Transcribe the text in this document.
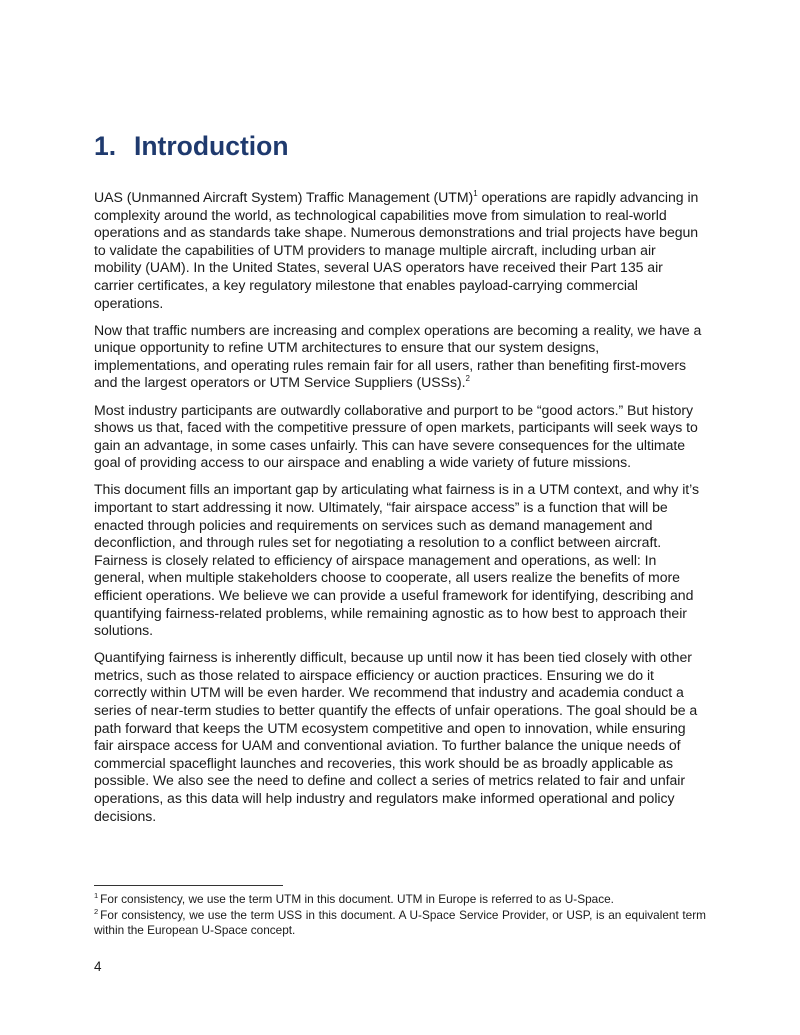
1. Introduction

UAS (Unmanned Aircraft System) Traffic Management (UTM)$^1$ operations are rapidly advancing in complexity around the world, as technological capabilities move from simulation to real-world operations and as standards take shape. Numerous demonstrations and trial projects have begun to validate the capabilities of UTM providers to manage multiple aircraft, including urban air mobility (UAM). In the United States, several UAS operators have received their Part 135 air carrier certificates, a key regulatory milestone that enables payload-carrying commercial operations.

Now that traffic numbers are increasing and complex operations are becoming a reality, we have a unique opportunity to refine UTM architectures to ensure that our system designs, implementations, and operating rules remain fair for all users, rather than benefiting first-movers and the largest operators or UTM Service Suppliers (USSs).$^2$

Most industry participants are outwardly collaborative and purport to be “good actors.” But history shows us that, faced with the competitive pressure of open markets, participants will seek ways to gain an advantage, in some cases unfairly. This can have severe consequences for the ultimate goal of providing access to our airspace and enabling a wide variety of future missions.

This document fills an important gap by articulating what fairness is in a UTM context, and why it’s important to start addressing it now. Ultimately, “fair airspace access” is a function that will be enacted through policies and requirements on services such as demand management and deconfliction, and through rules set for negotiating a resolution to a conflict between aircraft. Fairness is closely related to efficiency of airspace management and operations, as well: In general, when multiple stakeholders choose to cooperate, all users realize the benefits of more efficient operations. We believe we can provide a useful framework for identifying, describing and quantifying fairness-related problems, while remaining agnostic as to how best to approach their solutions.

Quantifying fairness is inherently difficult, because up until now it has been tied closely with other metrics, such as those related to airspace efficiency or auction practices. Ensuring we do it correctly within UTM will be even harder. We recommend that industry and academia conduct a series of near-term studies to better quantify the effects of unfair operations. The goal should be a path forward that keeps the UTM ecosystem competitive and open to innovation, while ensuring fair airspace access for UAM and conventional aviation. To further balance the unique needs of commercial spaceflight launches and recoveries, this work should be as broadly applicable as possible. We also see the need to define and collect a series of metrics related to fair and unfair operations, as this data will help industry and regulators make informed operational and policy decisions.

$^1$ For consistency, we use the term UTM in this document. UTM in Europe is referred to as U-Space.

$^2$ For consistency, we use the term USS in this document. A U-Space Service Provider, or USP, is an equivalent term within the European U-Space concept.

4
